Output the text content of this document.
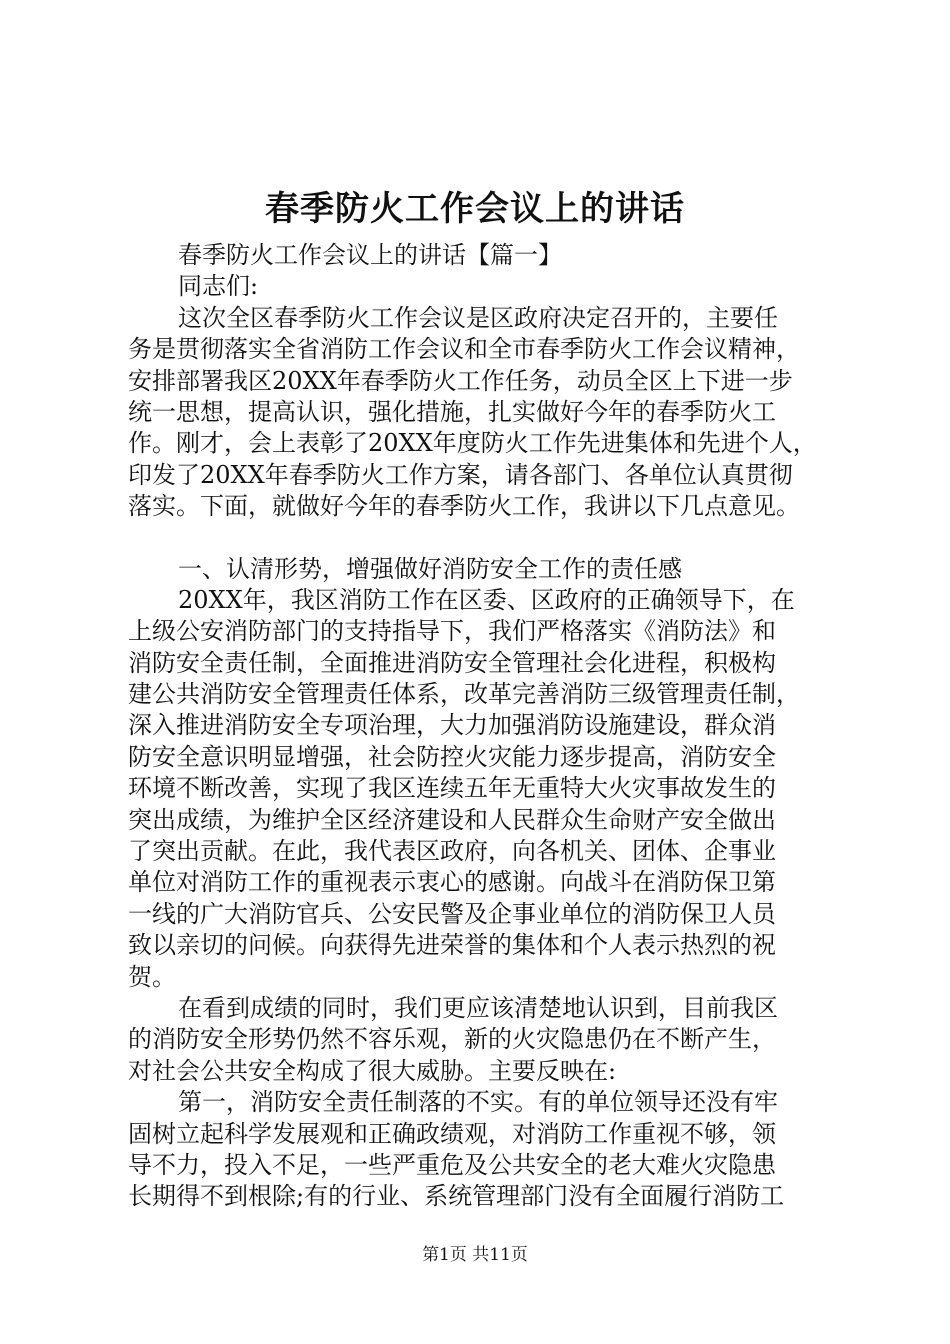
春季防火工作会议上的讲话
春季防火工作会议上的讲话【篇一】
同志们:
这次全区春季防火工作会议是区政府决定召开的，主要任
务是贯彻落实全省消防工作会议和全市春季防火工作会议精神，
安排部署我区20XX年春季防火工作任务，动员全区上下进一步
统一思想，提高认识，强化措施，扎实做好今年的春季防火工
作。刚才，会上表彰了20XX年度防火工作先进集体和先进个人，
印发了20XX年春季防火工作方案，请各部门、各单位认真贯彻
落实。下面，就做好今年的春季防火工作，我讲以下几点意见。
一、认清形势，增强做好消防安全工作的责任感
20XX年，我区消防工作在区委、区政府的正确领导下，在
上级公安消防部门的支持指导下，我们严格落实《消防法》和
消防安全责任制，全面推进消防安全管理社会化进程，积极构
建公共消防安全管理责任体系，改革完善消防三级管理责任制，
深入推进消防安全专项治理，大力加强消防设施建设，群众消
防安全意识明显增强，社会防控火灾能力逐步提高，消防安全
环境不断改善，实现了我区连续五年无重特大火灾事故发生的
突出成绩，为维护全区经济建设和人民群众生命财产安全做出
了突出贡献。在此，我代表区政府，向各机关、团体、企事业
单位对消防工作的重视表示衷心的感谢。向战斗在消防保卫第
一线的广大消防官兵、公安民警及企事业单位的消防保卫人员
致以亲切的问候。向获得先进荣誉的集体和个人表示热烈的祝
贺。
在看到成绩的同时，我们更应该清楚地认识到，目前我区
的消防安全形势仍然不容乐观，新的火灾隐患仍在不断产生，
对社会公共安全构成了很大威胁。主要反映在:
第一，消防安全责任制落的不实。有的单位领导还没有牢
固树立起科学发展观和正确政绩观，对消防工作重视不够，领
导不力，投入不足，一些严重危及公共安全的老大难火灾隐患
长期得不到根除;有的行业、系统管理部门没有全面履行消防工
第1页 共11页
